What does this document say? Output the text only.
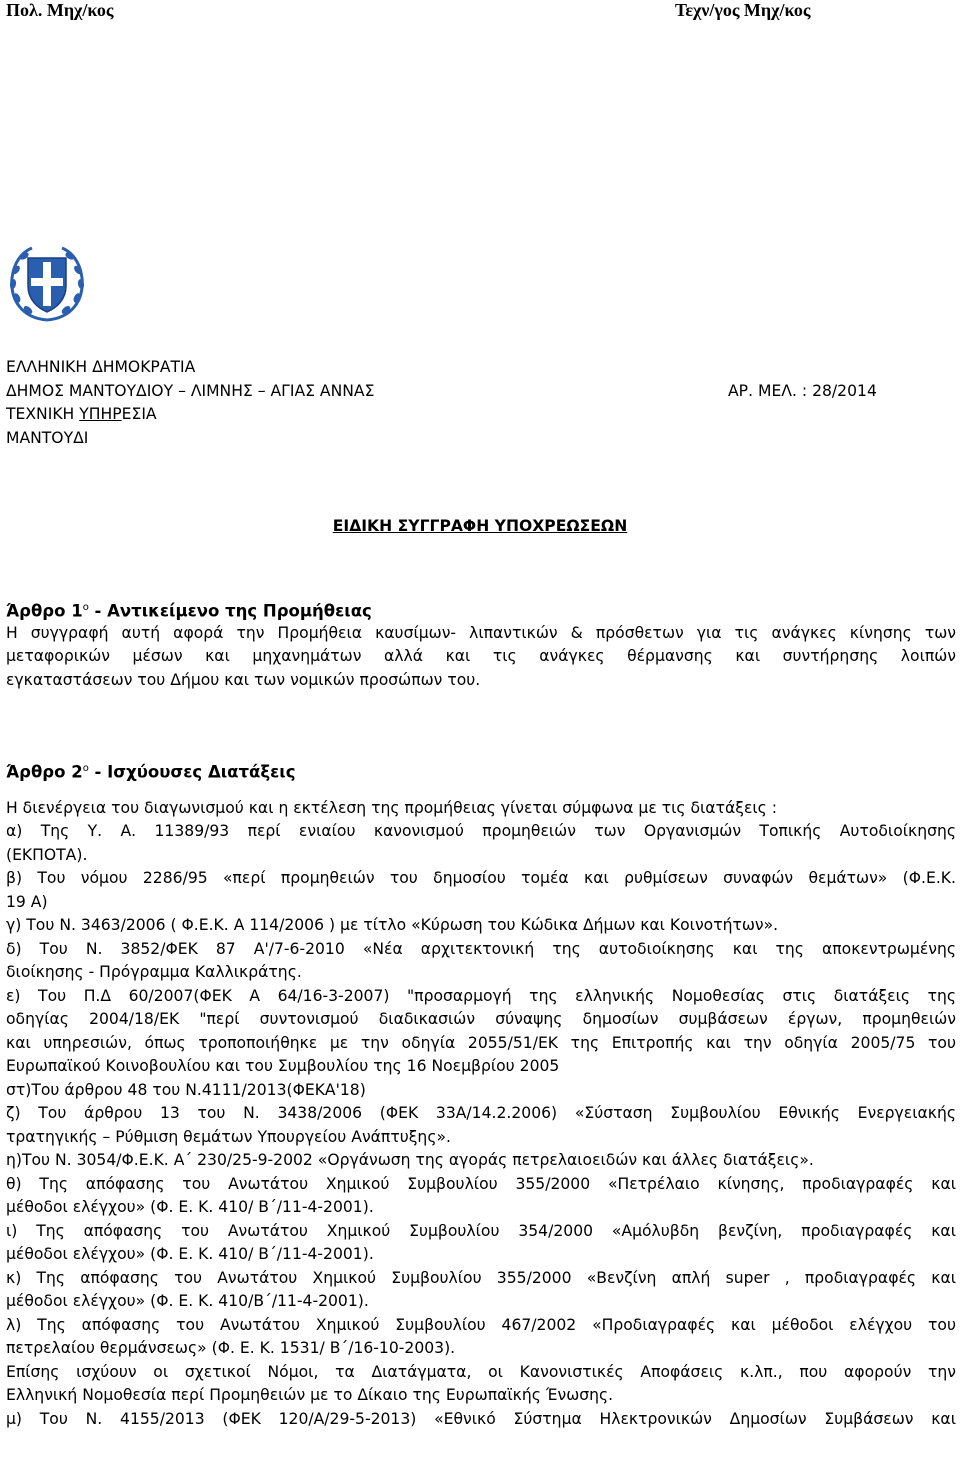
Πολ. Μηχ/κος	Τεχν/γος Μηχ/κος
ΕΛΛΗΝΙΚΗ ΔΗΜΟΚΡΑΤΙΑ
ΔΗΜΟΣ ΜΑΝΤΟΥΔΙΟΥ – ΛΙΜΝΗΣ – ΑΓΙΑΣ ΑΝΝΑΣ	ΑΡ. ΜΕΛ. : 28/2014
ΤΕΧΝΙΚΗ ΥΠΗΡΕΣΙΑ
ΜΑΝΤΟΥΔΙ
ΕΙΔΙΚΗ ΣΥΓΓΡΑΦΗ ΥΠΟΧΡΕΩΣΕΩΝ
Άρθρο $1^o$ - Αντικείμενο της Προμήθειας
Η συγγραφή αυτή αφορά την Προμήθεια καυσίμων- λιπαντικών & πρόσθετων για τις ανάγκες κίνησης των
μεταφορικών μέσων και μηχανημάτων αλλά και τις ανάγκες θέρμανσης και συντήρησης λοιπών
εγκαταστάσεων του Δήμου και των νομικών προσώπων του.
Άρθρο $2^o$ - Ισχύουσες Διατάξεις
Η διενέργεια του διαγωνισμού και η εκτέλεση της προμήθειας γίνεται σύμφωνα με τις διατάξεις :
α) Της Υ. Α. 11389/93 περί ενιαίου κανονισμού προμηθειών των Οργανισμών Τοπικής Αυτοδιοίκησης
(ΕΚΠΟΤΑ).
β) Του νόμου 2286/95 «περί προμηθειών του δημοσίου τομέα και ρυθμίσεων συναφών θεμάτων» (Φ.Ε.Κ.
19 Α)
γ) Του Ν. 3463/2006 ( Φ.Ε.Κ. Α 114/2006 ) με τίτλο «Κύρωση του Κώδικα Δήμων και Κοινοτήτων».
δ) Του Ν. 3852/ΦΕΚ 87 Α'/7-6-2010 «Νέα αρχιτεκτονική της αυτοδιοίκησης και της αποκεντρωμένης
διοίκησης - Πρόγραμμα Καλλικράτης.
ε) Του Π.Δ 60/2007(ΦΕΚ Α 64/16-3-2007) "προσαρμογή της ελληνικής Νομοθεσίας στις διατάξεις της
οδηγίας 2004/18/ΕΚ "περί συντονισμού διαδικασιών σύναψης δημοσίων συμβάσεων έργων, προμηθειών
και υπηρεσιών, όπως τροποποιήθηκε με την οδηγία 2055/51/ΕΚ της Επιτροπής και την οδηγία 2005/75 του
Ευρωπαϊκού Κοινοβουλίου και του Συμβουλίου της 16 Νοεμβρίου 2005
στ)Του άρθρου 48 του Ν.4111/2013(ΦΕΚΑ'18)
ζ) Του άρθρου 13 του Ν. 3438/2006 (ΦΕΚ 33Α/14.2.2006) «Σύσταση Συμβουλίου Εθνικής Ενεργειακής
τρατηγικής – Ρύθμιση θεμάτων Υπουργείου Ανάπτυξης».
η)Του Ν. 3054/Φ.Ε.Κ. Α΄ 230/25-9-2002 «Οργάνωση της αγοράς πετρελαιοειδών και άλλες διατάξεις».
θ) Της απόφασης του Ανωτάτου Χημικού Συμβουλίου 355/2000 «Πετρέλαιο κίνησης, προδιαγραφές και
μέθοδοι ελέγχου» (Φ. Ε. Κ. 410/ Β΄/11-4-2001).
ι) Της απόφασης του Ανωτάτου Χημικού Συμβουλίου 354/2000 «Αμόλυβδη βενζίνη, προδιαγραφές και
μέθοδοι ελέγχου» (Φ. Ε. Κ. 410/ Β΄/11-4-2001).
κ) Της απόφασης του Ανωτάτου Χημικού Συμβουλίου 355/2000 «Βενζίνη απλή super , προδιαγραφές και
μέθοδοι ελέγχου» (Φ. Ε. Κ. 410/Β΄/11-4-2001).
λ) Της απόφασης του Ανωτάτου Χημικού Συμβουλίου 467/2002 «Προδιαγραφές και μέθοδοι ελέγχου του
πετρελαίου θερμάνσεως» (Φ. Ε. Κ. 1531/ Β΄/16-10-2003).
Επίσης ισχύουν οι σχετικοί Νόμοι, τα Διατάγματα, οι Κανονιστικές Αποφάσεις κ.λπ., που αφορούν την
Ελληνική Νομοθεσία περί Προμηθειών με το Δίκαιο της Ευρωπαϊκής Ένωσης.
μ) Του Ν. 4155/2013 (ΦΕΚ 120/Α/29-5-2013) «Εθνικό Σύστημα Ηλεκτρονικών Δημοσίων Συμβάσεων και
